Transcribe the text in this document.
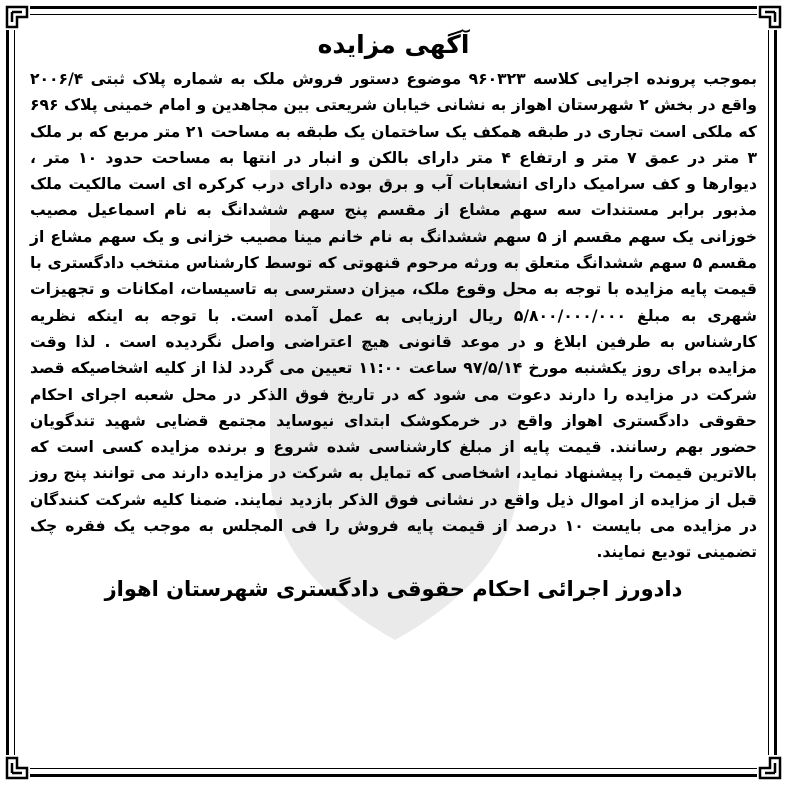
آگهی مزایده

بموجب پرونده اجرایی کلاسه ۹۶۰۳۲۳ موضوع دستور فروش ملک به شماره پلاک ثبتی ۲۰۰۶/۴ واقع در بخش ۲ شهرستان اهواز به نشانی خیابان شریعتی بین مجاهدین و امام خمینی پلاک ۶۹۶ که ملکی است تجاری در طبقه همکف یک ساختمان یک طبقه به مساحت ۲۱ متر مربع که بر ملک ۳ متر در عمق ۷ متر و ارتفاع ۴ متر دارای بالکن و انبار در انتها به مساحت حدود ۱۰ متر ، دیوارها و کف سرامیک دارای انشعابات آب و برق بوده دارای درب کرکره ای است مالکیت ملک مذبور برابر مستندات سه سهم مشاع از مقسم پنج سهم ششدانگ به نام اسماعیل مصیب خوزانی یک سهم مقسم از ۵ سهم ششدانگ به نام خانم مینا مصیب خزانی و یک سهم مشاع از مقسم ۵ سهم ششدانگ متعلق به ورثه مرحوم قنهوتی که توسط کارشناس منتخب دادگستری با قیمت پایه مزایده با توجه به محل وقوع ملک، میزان دسترسی به تاسیسات، امکانات و تجهیزات شهری به مبلغ ۵/۸۰۰/۰۰۰/۰۰۰ ریال ارزیابی به عمل آمده است. با توجه به اینکه نظریه کارشناس به طرفین ابلاغ و در موعد قانونی هیچ اعتراضی واصل نگردیده است . لذا وقت مزایده برای روز یکشنبه مورخ ۹۷/۵/۱۴ ساعت ۱۱:۰۰ تعیین می گردد لذا از کلیه اشخاصیکه قصد شرکت در مزایده را دارند دعوت می شود که در تاریخ فوق الذکر در محل شعبه اجرای احکام حقوقی دادگستری اهواز واقع در خرمکوشک ابتدای نیوساید مجتمع قضایی شهید تندگویان حضور بهم رسانند. قیمت پایه از مبلغ کارشناسی شده شروع و برنده مزایده کسی است که بالاترین قیمت را پیشنهاد نماید، اشخاصی که تمایل به شرکت در مزایده دارند می توانند پنج روز قبل از مزایده از اموال ذیل واقع در نشانی فوق الذکر بازدید نمایند. ضمنا کلیه شرکت کنندگان در مزایده می بایست ۱۰ درصد از قیمت پایه فروش را فی المجلس به موجب یک فقره چک تضمینی تودیع نمایند.

دادورز اجرائی احکام حقوقی دادگستری شهرستان اهواز
